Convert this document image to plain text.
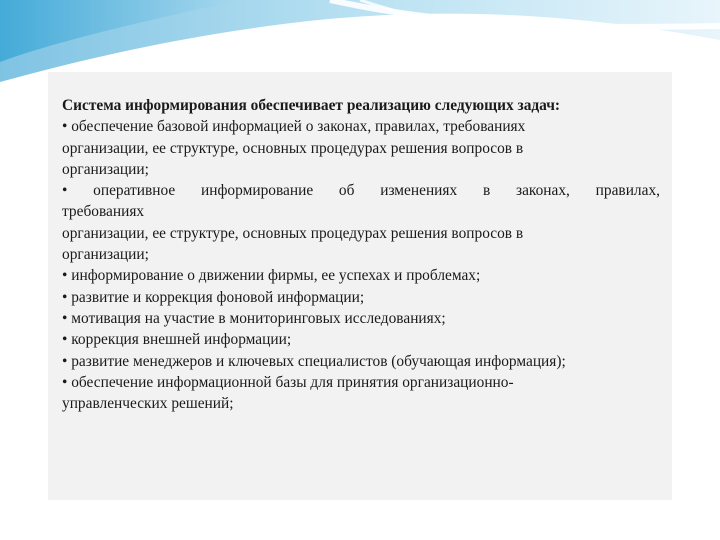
Система информирования обеспечивает реализацию следующих задач:

• обеспечение базовой информацией о законах, правилах, требованиях

организации, ее структуре, основных процедурах решения вопросов в

организации;

• оперативное информирование об изменениях в законах, правилах,

требованиях

организации, ее структуре, основных процедурах решения вопросов в

организации;

• информирование о движении фирмы, ее успехах и проблемах;

• развитие и коррекция фоновой информации;

• мотивация на участие в мониторинговых исследованиях;

• коррекция внешней информации;

• развитие менеджеров и ключевых специалистов (обучающая информация);

• обеспечение информационной базы для принятия организационно-

управленческих решений;
